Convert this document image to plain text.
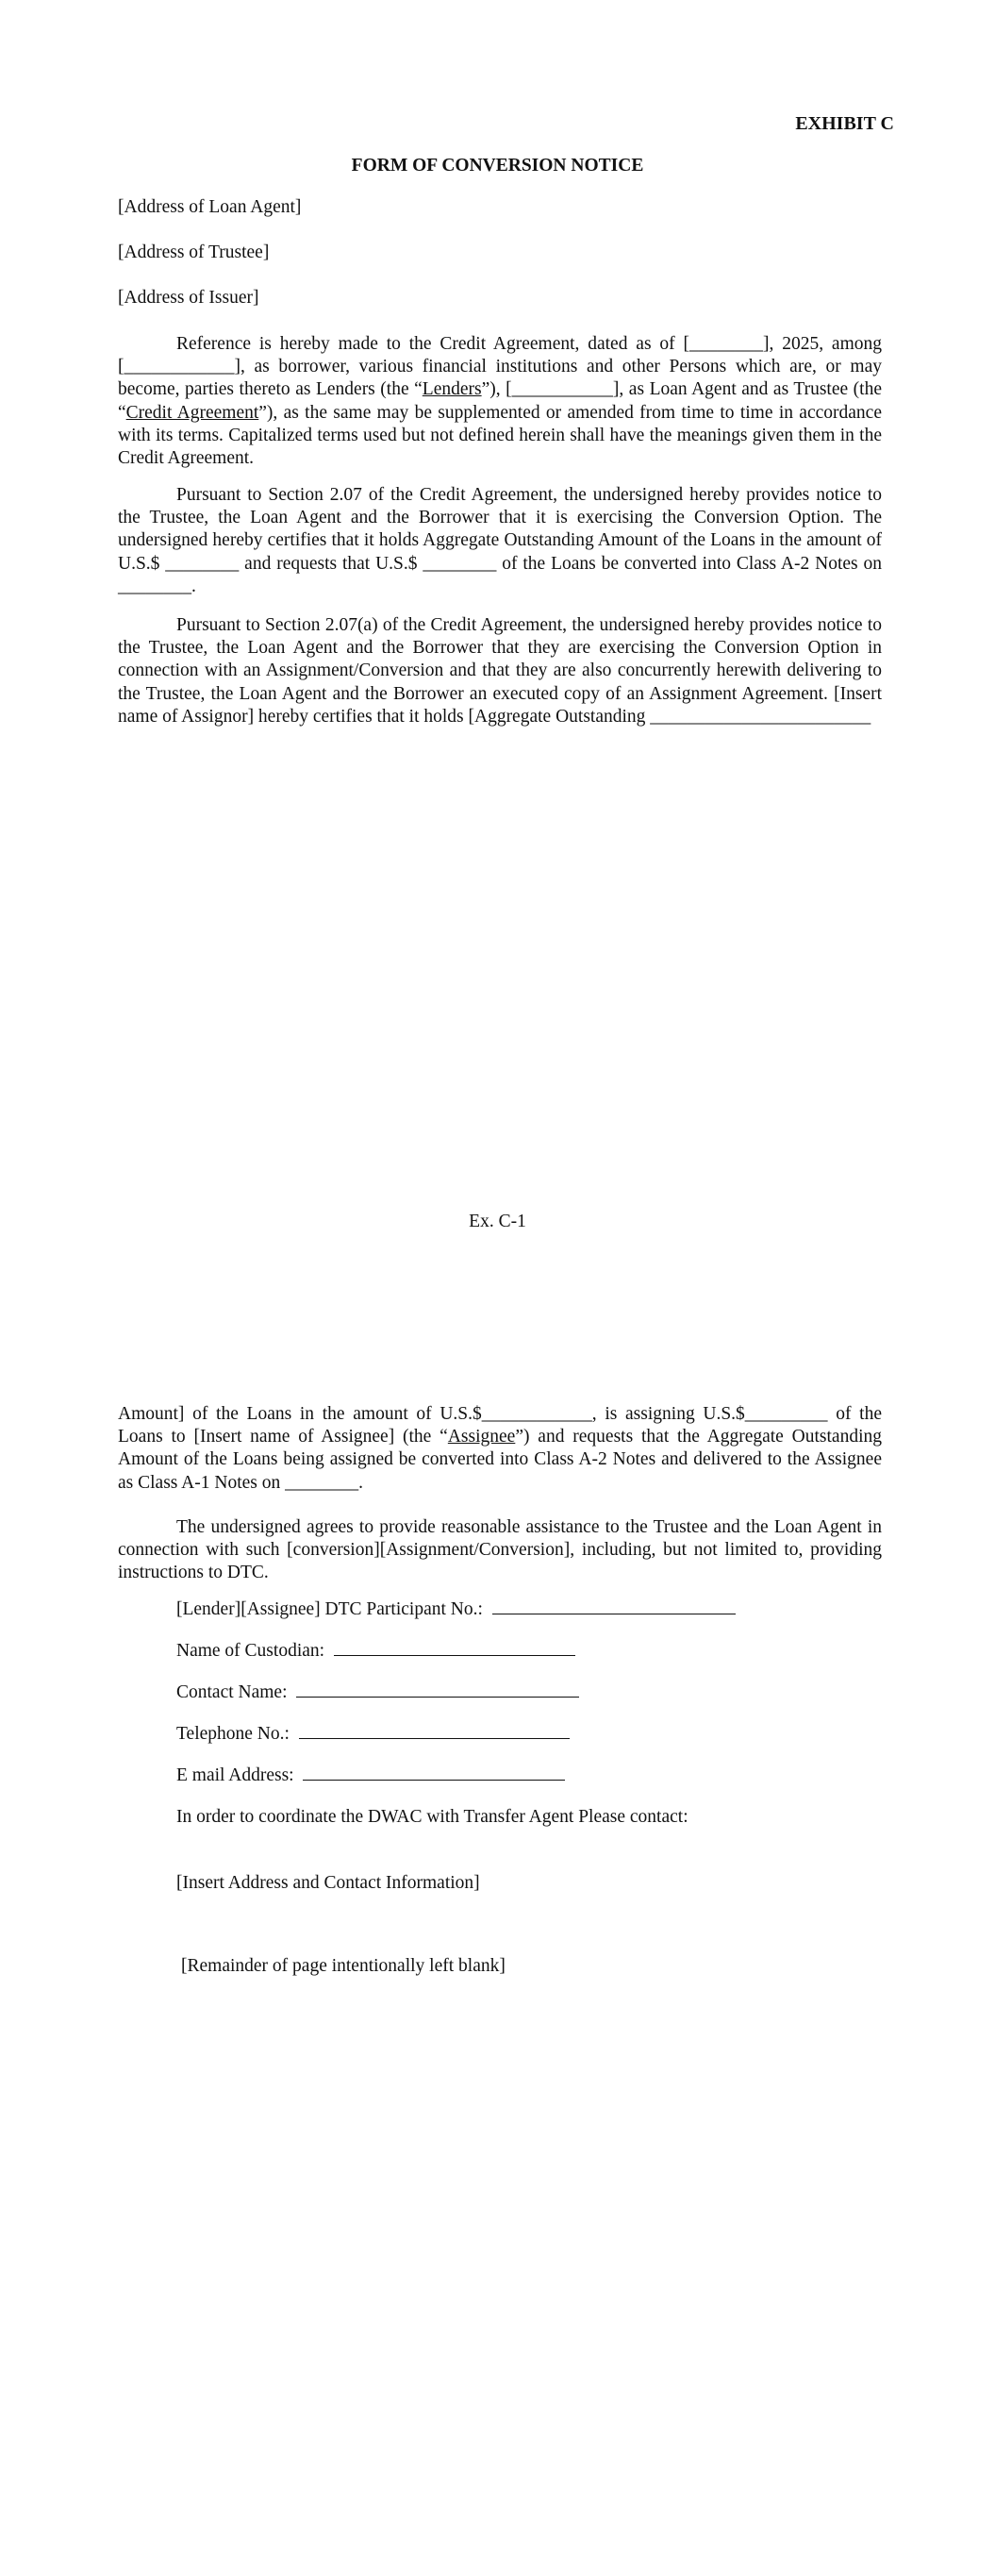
EXHIBIT C
FORM OF CONVERSION NOTICE
[Address of Loan Agent]
[Address of Trustee]
[Address of Issuer]

Reference is hereby made to the Credit Agreement, dated as of [________], 2025, among [____________], as borrower, various financial institutions and other Persons which are, or may become, parties thereto as Lenders (the “Lenders”), [___________], as Loan Agent and as Trustee (the “Credit Agreement”), as the same may be supplemented or amended from time to time in accordance with its terms. Capitalized terms used but not defined herein shall have the meanings given them in the Credit Agreement.

Pursuant to Section 2.07 of the Credit Agreement, the undersigned hereby provides notice to the Trustee, the Loan Agent and the Borrower that it is exercising the Conversion Option. The undersigned hereby certifies that it holds Aggregate Outstanding Amount of the Loans in the amount of U.S.$ ________ and requests that U.S.$ ________ of the Loans be converted into Class A-2 Notes on ________.

Pursuant to Section 2.07(a) of the Credit Agreement, the undersigned hereby provides notice to the Trustee, the Loan Agent and the Borrower that they are exercising the Conversion Option in connection with an Assignment/Conversion and that they are also concurrently herewith delivering to the Trustee, the Loan Agent and the Borrower an executed copy of an Assignment Agreement. [Insert name of Assignor] hereby certifies that it holds [Aggregate Outstanding ________________________

Ex. C-1

Amount] of the Loans in the amount of U.S.$____________, is assigning U.S.$_________ of the Loans to [Insert name of Assignee] (the “Assignee”) and requests that the Aggregate Outstanding Amount of the Loans being assigned be converted into Class A-2 Notes and delivered to the Assignee as Class A-1 Notes on ________.

The undersigned agrees to provide reasonable assistance to the Trustee and the Loan Agent in connection with such [conversion][Assignment/Conversion], including, but not limited to, providing instructions to DTC.

[Lender][Assignee] DTC Participant No.:
Name of Custodian:
Contact Name:
Telephone No.:
E mail Address:
In order to coordinate the DWAC with Transfer Agent Please contact:
[Insert Address and Contact Information]
[Remainder of page intentionally left blank]
